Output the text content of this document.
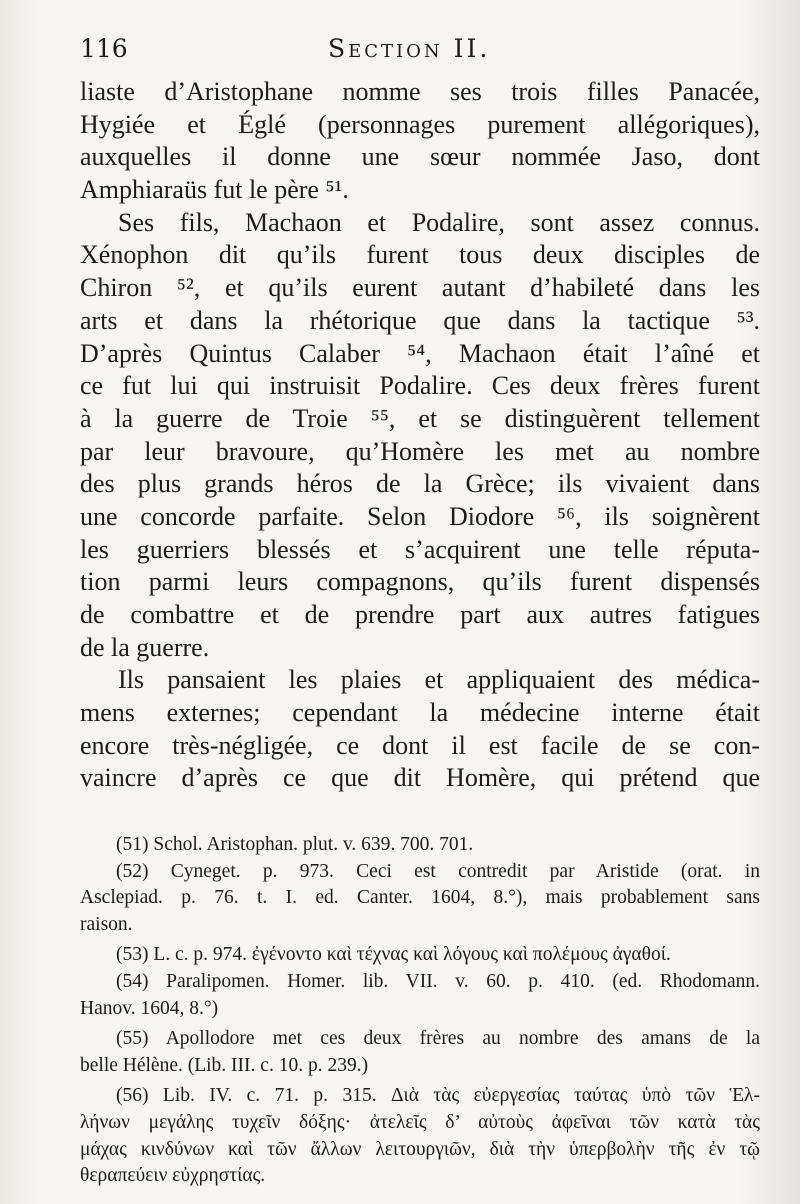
116	Section II.
liaste d’Aristophane nomme ses trois filles Panacée,
Hygiée et Églé (personnages purement allégoriques),
auxquelles il donne une sœur nommée Jaso, dont
Amphiaraüs fut le père ⁵¹.
Ses fils, Machaon et Podalire, sont assez connus.
Xénophon dit qu’ils furent tous deux disciples de
Chiron ⁵², et qu’ils eurent autant d’habileté dans les
arts et dans la rhétorique que dans la tactique ⁵³.
D’après Quintus Calaber ⁵⁴, Machaon était l’aîné et
ce fut lui qui instruisit Podalire. Ces deux frères furent
à la guerre de Troie ⁵⁵, et se distinguèrent tellement
par leur bravoure, qu’Homère les met au nombre
des plus grands héros de la Grèce; ils vivaient dans
une concorde parfaite. Selon Diodore ⁵⁶, ils soignèrent
les guerriers blessés et s’acquirent une telle réputa-
tion parmi leurs compagnons, qu’ils furent dispensés
de combattre et de prendre part aux autres fatigues
de la guerre.
Ils pansaient les plaies et appliquaient des médica-
mens externes; cependant la médecine interne était
encore très-négligée, ce dont il est facile de se con-
vaincre d’après ce que dit Homère, qui prétend que
(51) Schol. Aristophan. plut. v. 639. 700. 701.
(52) Cyneget. p. 973. Ceci est contredit par Aristide (orat. in
Asclepiad. p. 76. t. I. ed. Canter. 1604, 8.°), mais probablement sans
raison.
(53) L. c. p. 974. ἐγένοντο καὶ τέχνας καὶ λόγους καὶ πολέμους ἀγαθοί.
(54) Paralipomen. Homer. lib. VII. v. 60. p. 410. (ed. Rhodomann.
Hanov. 1604, 8.°)
(55) Apollodore met ces deux frères au nombre des amans de la
belle Hélène. (Lib. III. c. 10. p. 239.)
(56) Lib. IV. c. 71. p. 315. Διὰ τὰς εὐεργεσίας ταύτας ὑπὸ τῶν Ἑλ-
λήνων μεγάλης τυχεῖν δόξης· ἀτελεῖς δ’ αὐτοὺς ἀφεῖναι τῶν κατὰ τὰς
μάχας κινδύνων καὶ τῶν ἄλλων λειτουργιῶν, διὰ τὴν ὑπερβολὴν τῆς ἐν τῷ
θεραπεύειν εὐχρηστίας.
